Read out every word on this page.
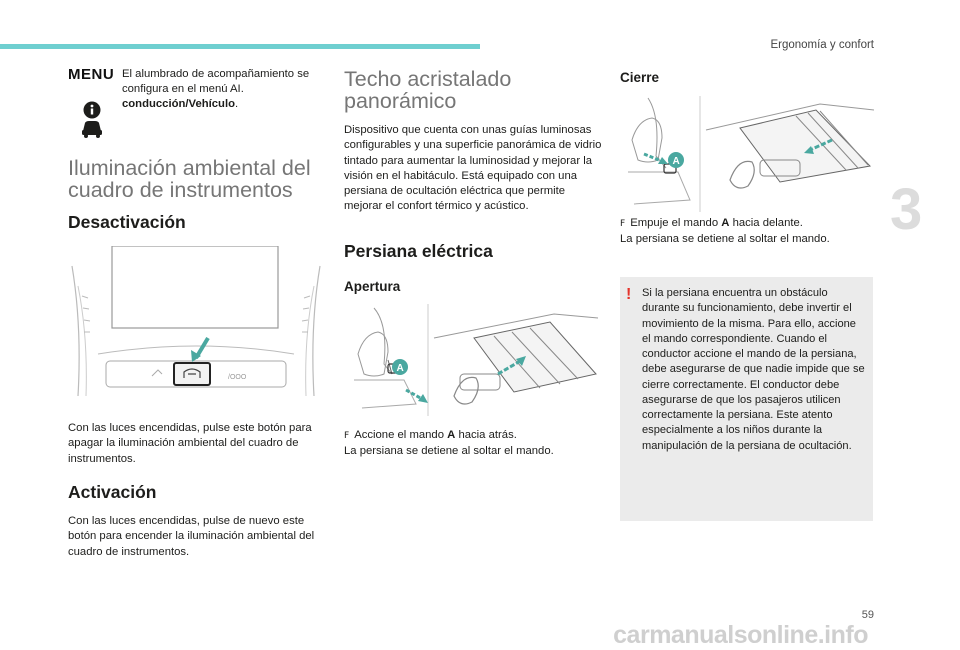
Ergonomía y confort
3
MENU El alumbrado de acompañamiento se configura en el menú AI. conducción/Vehículo.
Iluminación ambiental del cuadro de instrumentos
Desactivación
/OOO
Con las luces encendidas, pulse este botón para apagar la iluminación ambiental del cuadro de instrumentos.
Activación
Con las luces encendidas, pulse de nuevo este botón para encender la iluminación ambiental del cuadro de instrumentos.
Techo acristalado panorámico
Dispositivo que cuenta con unas guías luminosas configurables y una superficie panorámica de vidrio tintado para aumentar la luminosidad y mejorar la visión en el habitáculo. Está equipado con una persiana de ocultación eléctrica que permite mejorar el confort térmico y acústico.
Persiana eléctrica
Apertura
A
F Accione el mando A hacia atrás.
La persiana se detiene al soltar el mando.
Cierre
A
F Empuje el mando A hacia delante.
La persiana se detiene al soltar el mando.
! Si la persiana encuentra un obstáculo durante su funcionamiento, debe invertir el movimiento de la misma. Para ello, accione el mando correspondiente. Cuando el conductor accione el mando de la persiana, debe asegurarse de que nadie impide que se cierre correctamente. El conductor debe asegurarse de que los pasajeros utilicen correctamente la persiana. Este atento especialmente a los niños durante la manipulación de la persiana de ocultación.
59
carmanualsonline.info
